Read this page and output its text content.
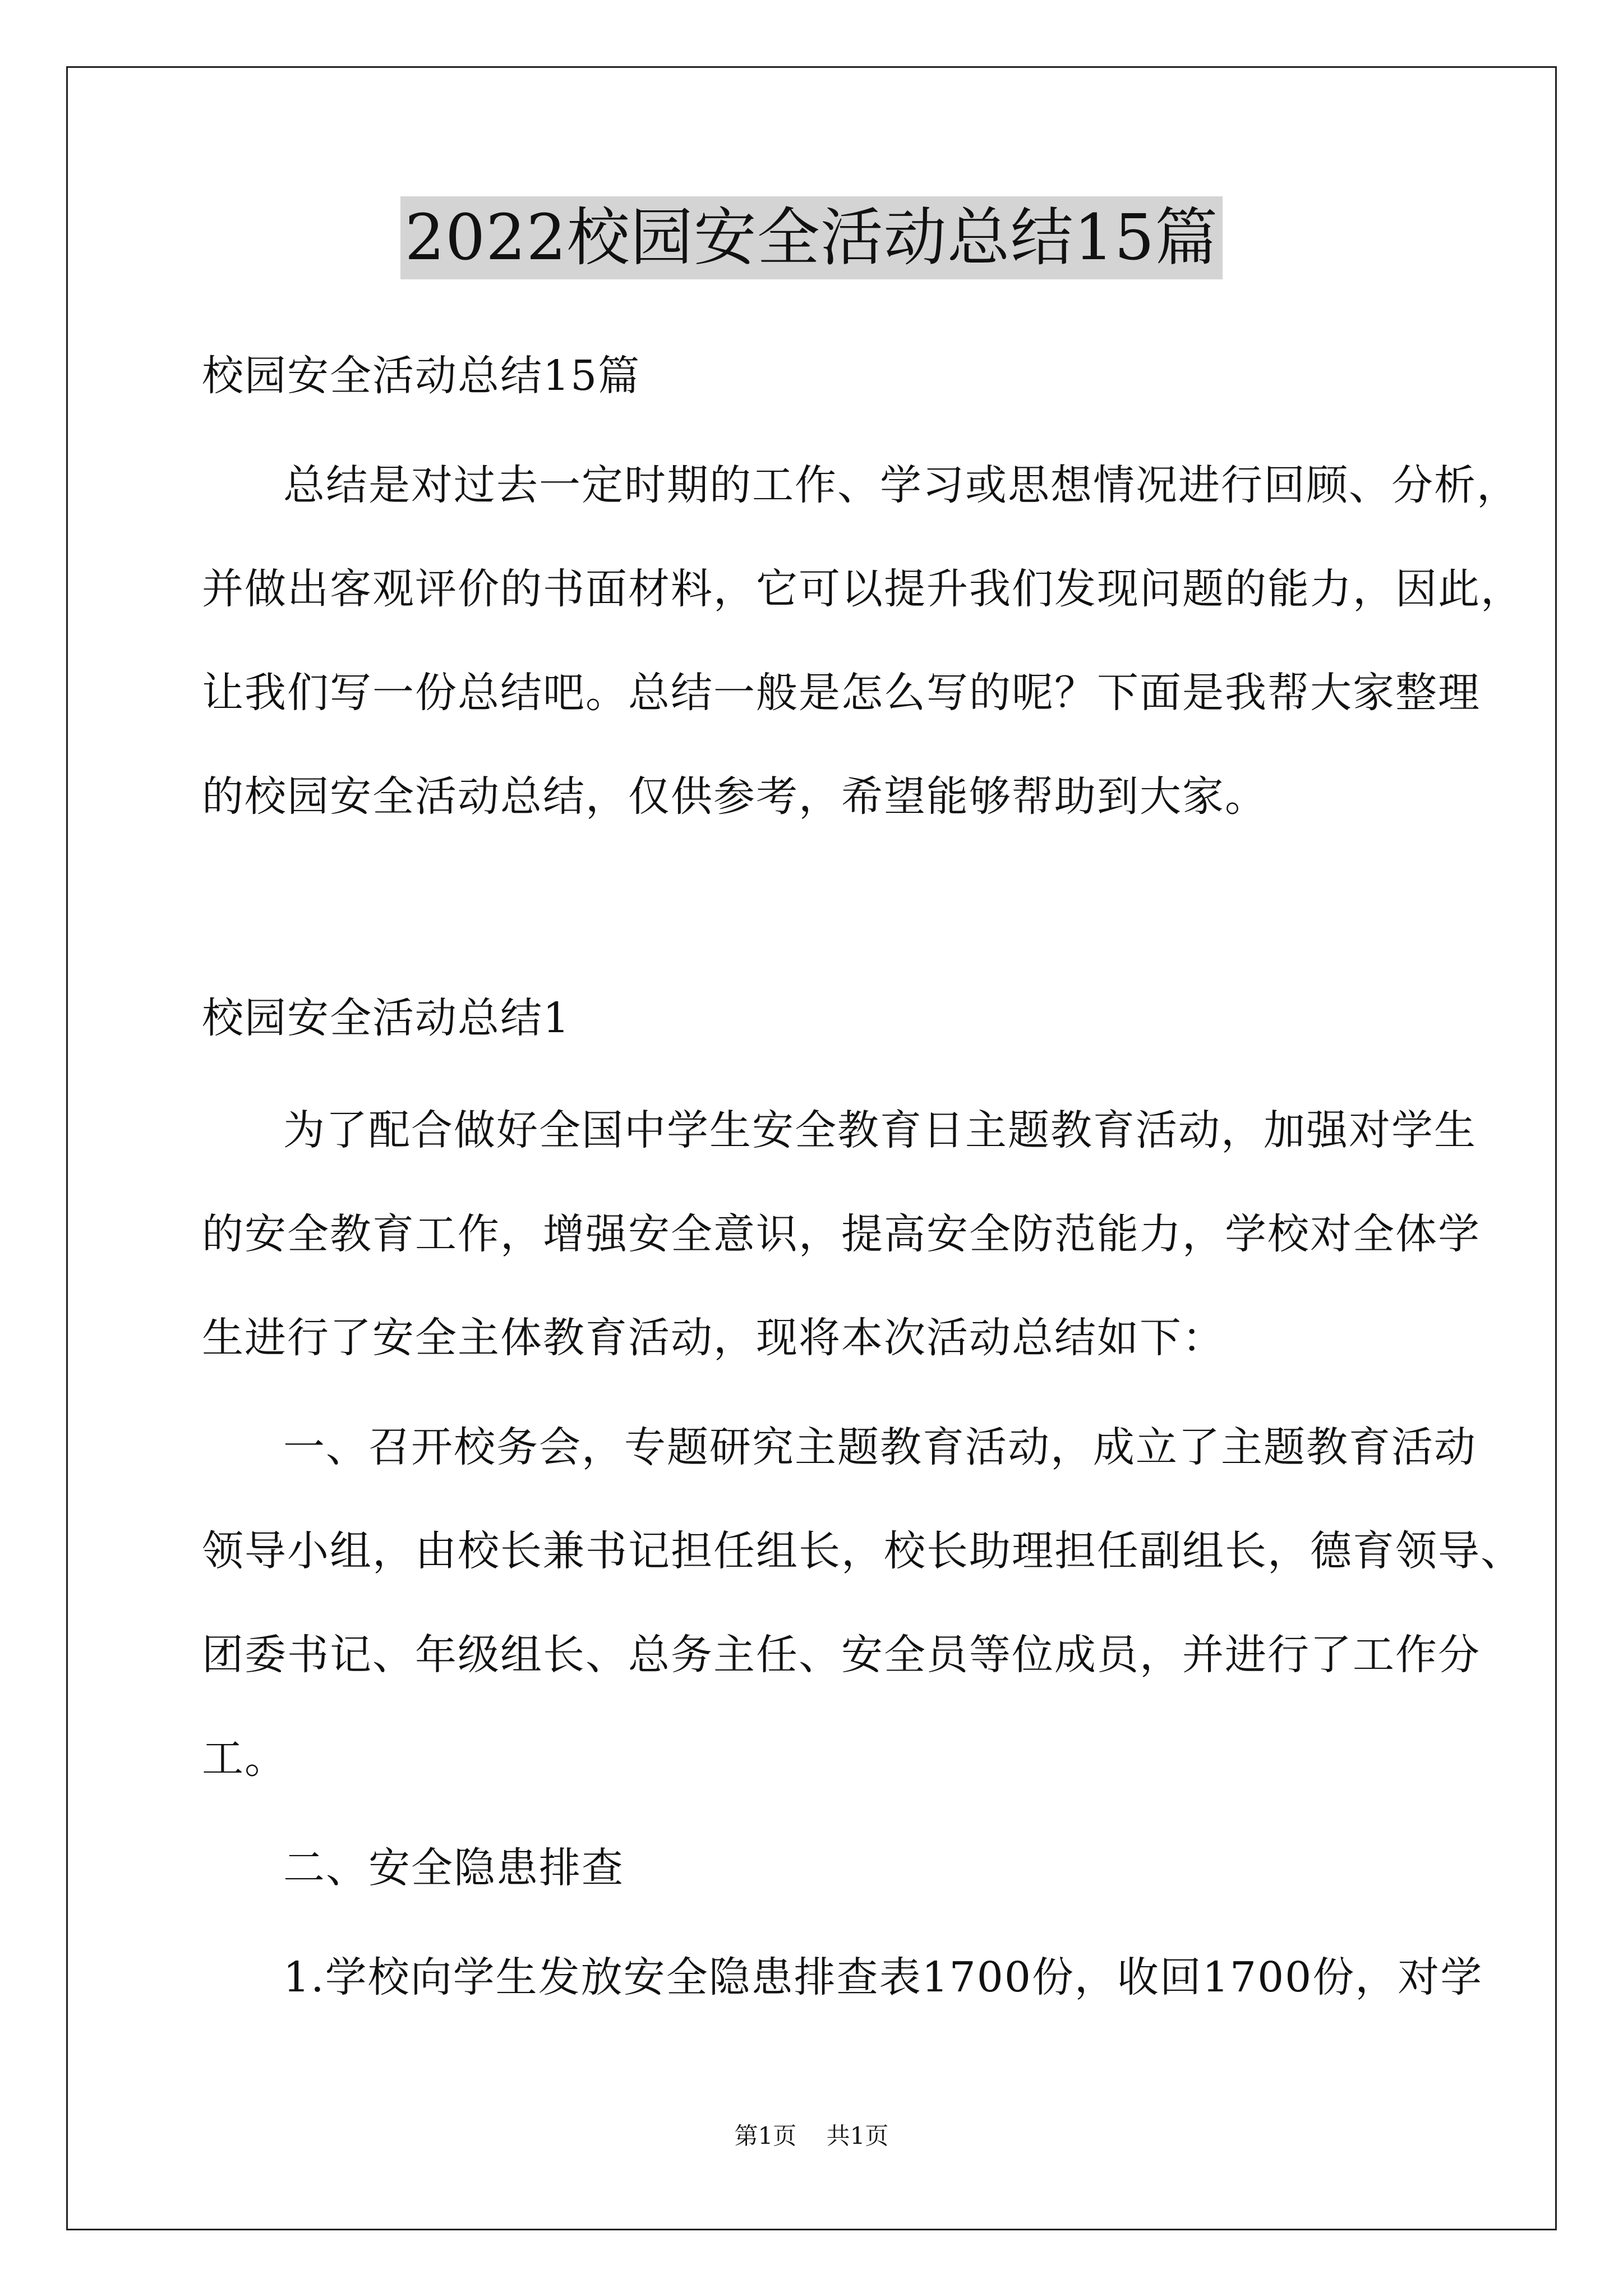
2022校园安全活动总结15篇
校园安全活动总结15篇
总结是对过去一定时期的工作、学习或思想情况进行回顾、分析，
并做出客观评价的书面材料，它可以提升我们发现问题的能力，因此，
让我们写一份总结吧。总结一般是怎么写的呢？下面是我帮大家整理
的校园安全活动总结，仅供参考，希望能够帮助到大家。
校园安全活动总结1
为了配合做好全国中学生安全教育日主题教育活动，加强对学生
的安全教育工作，增强安全意识，提高安全防范能力，学校对全体学
生进行了安全主体教育活动，现将本次活动总结如下：
一、召开校务会，专题研究主题教育活动，成立了主题教育活动
领导小组，由校长兼书记担任组长，校长助理担任副组长，德育领导、
团委书记、年级组长、总务主任、安全员等位成员，并进行了工作分
工。
二、安全隐患排查
1.学校向学生发放安全隐患排查表1700份，收回1700份，对学
第1页 共1页
